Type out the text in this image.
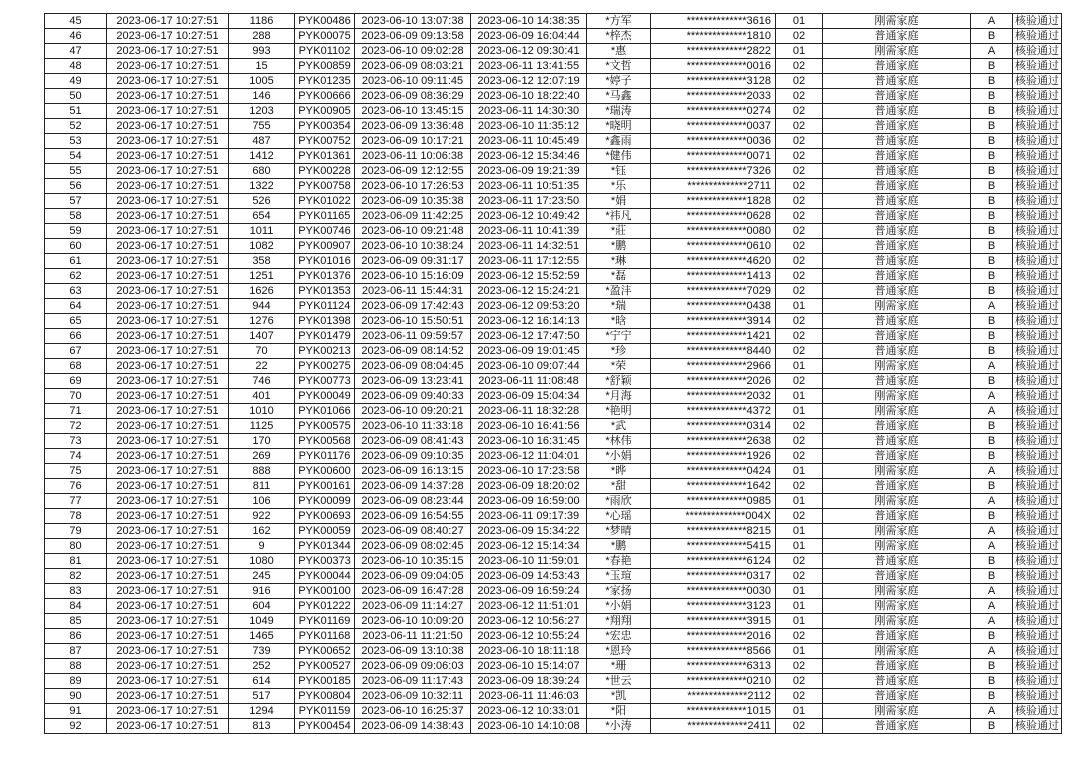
45	2023-06-17 10:27:51	1186	PYK00486	2023-06-10 13:07:38	2023-06-10 14:38:35	*方军	**************3616	01	刚需家庭	A	核验通过
46	2023-06-17 10:27:51	288	PYK00075	2023-06-09 09:13:58	2023-06-09 16:04:44	*梓杰	**************1810	02	普通家庭	B	核验通过
47	2023-06-17 10:27:51	993	PYK01102	2023-06-10 09:02:28	2023-06-12 09:30:41	*惠	**************2822	01	刚需家庭	A	核验通过
48	2023-06-17 10:27:51	15	PYK00859	2023-06-09 08:03:21	2023-06-11 13:41:55	*文哲	**************0016	02	普通家庭	B	核验通过
49	2023-06-17 10:27:51	1005	PYK01235	2023-06-10 09:11:45	2023-06-12 12:07:19	*婷子	**************3128	02	普通家庭	B	核验通过
50	2023-06-17 10:27:51	146	PYK00666	2023-06-09 08:36:29	2023-06-10 18:22:40	*马鑫	**************2033	02	普通家庭	B	核验通过
51	2023-06-17 10:27:51	1203	PYK00905	2023-06-10 13:45:15	2023-06-11 14:30:30	*瑞涛	**************0274	02	普通家庭	B	核验通过
52	2023-06-17 10:27:51	755	PYK00354	2023-06-09 13:36:48	2023-06-10 11:35:12	*晓明	**************0037	02	普通家庭	B	核验通过
53	2023-06-17 10:27:51	487	PYK00752	2023-06-09 10:17:21	2023-06-11 10:45:49	*鑫雨	**************0036	02	普通家庭	B	核验通过
54	2023-06-17 10:27:51	1412	PYK01361	2023-06-11 10:06:38	2023-06-12 15:34:46	*健伟	**************0071	02	普通家庭	B	核验通过
55	2023-06-17 10:27:51	680	PYK00228	2023-06-09 12:12:55	2023-06-09 19:21:39	*钰	**************7326	02	普通家庭	B	核验通过
56	2023-06-17 10:27:51	1322	PYK00758	2023-06-10 17:26:53	2023-06-11 10:51:35	*乐	**************2711	02	普通家庭	B	核验通过
57	2023-06-17 10:27:51	526	PYK01022	2023-06-09 10:35:38	2023-06-11 17:23:50	*娟	**************1828	02	普通家庭	B	核验通过
58	2023-06-17 10:27:51	654	PYK01165	2023-06-09 11:42:25	2023-06-12 10:49:42	*祎凡	**************0628	02	普通家庭	B	核验通过
59	2023-06-17 10:27:51	1011	PYK00746	2023-06-10 09:21:48	2023-06-11 10:41:39	*莊	**************0080	02	普通家庭	B	核验通过
60	2023-06-17 10:27:51	1082	PYK00907	2023-06-10 10:38:24	2023-06-11 14:32:51	*鹏	**************0610	02	普通家庭	B	核验通过
61	2023-06-17 10:27:51	358	PYK01016	2023-06-09 09:31:17	2023-06-11 17:12:55	*琳	**************4620	02	普通家庭	B	核验通过
62	2023-06-17 10:27:51	1251	PYK01376	2023-06-10 15:16:09	2023-06-12 15:52:59	*磊	**************1413	02	普通家庭	B	核验通过
63	2023-06-17 10:27:51	1626	PYK01353	2023-06-11 15:44:31	2023-06-12 15:24:21	*盈沣	**************7029	02	普通家庭	B	核验通过
64	2023-06-17 10:27:51	944	PYK01124	2023-06-09 17:42:43	2023-06-12 09:53:20	*瑞	**************0438	01	刚需家庭	A	核验通过
65	2023-06-17 10:27:51	1276	PYK01398	2023-06-10 15:50:51	2023-06-12 16:14:13	*晗	**************3914	02	普通家庭	B	核验通过
66	2023-06-17 10:27:51	1407	PYK01479	2023-06-11 09:59:57	2023-06-12 17:47:50	*宁宁	**************1421	02	普通家庭	B	核验通过
67	2023-06-17 10:27:51	70	PYK00213	2023-06-09 08:14:52	2023-06-09 19:01:45	*珍	**************8440	02	普通家庭	B	核验通过
68	2023-06-17 10:27:51	22	PYK00275	2023-06-09 08:04:45	2023-06-10 09:07:44	*荣	**************2966	01	刚需家庭	A	核验通过
69	2023-06-17 10:27:51	746	PYK00773	2023-06-09 13:23:41	2023-06-11 11:08:48	*舒颖	**************2026	02	普通家庭	B	核验通过
70	2023-06-17 10:27:51	401	PYK00049	2023-06-09 09:40:33	2023-06-09 15:04:34	*月海	**************2032	01	刚需家庭	A	核验通过
71	2023-06-17 10:27:51	1010	PYK01066	2023-06-10 09:20:21	2023-06-11 18:32:28	*艳明	**************4372	01	刚需家庭	A	核验通过
72	2023-06-17 10:27:51	1125	PYK00575	2023-06-10 11:33:18	2023-06-10 16:41:56	*武	**************0314	02	普通家庭	B	核验通过
73	2023-06-17 10:27:51	170	PYK00568	2023-06-09 08:41:43	2023-06-10 16:31:45	*林伟	**************2638	02	普通家庭	B	核验通过
74	2023-06-17 10:27:51	269	PYK01176	2023-06-09 09:10:35	2023-06-12 11:04:01	*小娟	**************1926	02	普通家庭	B	核验通过
75	2023-06-17 10:27:51	888	PYK00600	2023-06-09 16:13:15	2023-06-10 17:23:58	*晔	**************0424	01	刚需家庭	A	核验通过
76	2023-06-17 10:27:51	811	PYK00161	2023-06-09 14:37:28	2023-06-09 18:20:02	*甜	**************1642	02	普通家庭	B	核验通过
77	2023-06-17 10:27:51	106	PYK00099	2023-06-09 08:23:44	2023-06-09 16:59:00	*雨欣	**************0985	01	刚需家庭	A	核验通过
78	2023-06-17 10:27:51	922	PYK00693	2023-06-09 16:54:55	2023-06-11 09:17:39	*心瑶	**************004X	02	普通家庭	B	核验通过
79	2023-06-17 10:27:51	162	PYK00059	2023-06-09 08:40:27	2023-06-09 15:34:22	*梦晴	**************8215	01	刚需家庭	A	核验通过
80	2023-06-17 10:27:51	9	PYK01344	2023-06-09 08:02:45	2023-06-12 15:14:34	*鹏	**************5415	01	刚需家庭	A	核验通过
81	2023-06-17 10:27:51	1080	PYK00373	2023-06-10 10:35:15	2023-06-10 11:59:01	*春艳	**************6124	02	普通家庭	B	核验通过
82	2023-06-17 10:27:51	245	PYK00044	2023-06-09 09:04:05	2023-06-09 14:53:43	*玉瑄	**************0317	02	普通家庭	B	核验通过
83	2023-06-17 10:27:51	916	PYK00100	2023-06-09 16:47:28	2023-06-09 16:59:24	*家扬	**************0030	01	刚需家庭	A	核验通过
84	2023-06-17 10:27:51	604	PYK01222	2023-06-09 11:14:27	2023-06-12 11:51:01	*小娟	**************3123	01	刚需家庭	A	核验通过
85	2023-06-17 10:27:51	1049	PYK01169	2023-06-10 10:09:20	2023-06-12 10:56:27	*翔翔	**************3915	01	刚需家庭	A	核验通过
86	2023-06-17 10:27:51	1465	PYK01168	2023-06-11 11:21:50	2023-06-12 10:55:24	*宏忠	**************2016	02	普通家庭	B	核验通过
87	2023-06-17 10:27:51	739	PYK00652	2023-06-09 13:10:38	2023-06-10 18:11:18	*恩玲	**************8566	01	刚需家庭	A	核验通过
88	2023-06-17 10:27:51	252	PYK00527	2023-06-09 09:06:03	2023-06-10 15:14:07	*珊	**************6313	02	普通家庭	B	核验通过
89	2023-06-17 10:27:51	614	PYK00185	2023-06-09 11:17:43	2023-06-09 18:39:24	*世云	**************0210	02	普通家庭	B	核验通过
90	2023-06-17 10:27:51	517	PYK00804	2023-06-09 10:32:11	2023-06-11 11:46:03	*凯	**************2112	02	普通家庭	B	核验通过
91	2023-06-17 10:27:51	1294	PYK01159	2023-06-10 16:25:37	2023-06-12 10:33:01	*阳	**************1015	01	刚需家庭	A	核验通过
92	2023-06-17 10:27:51	813	PYK00454	2023-06-09 14:38:43	2023-06-10 14:10:08	*小涛	**************2411	02	普通家庭	B	核验通过
